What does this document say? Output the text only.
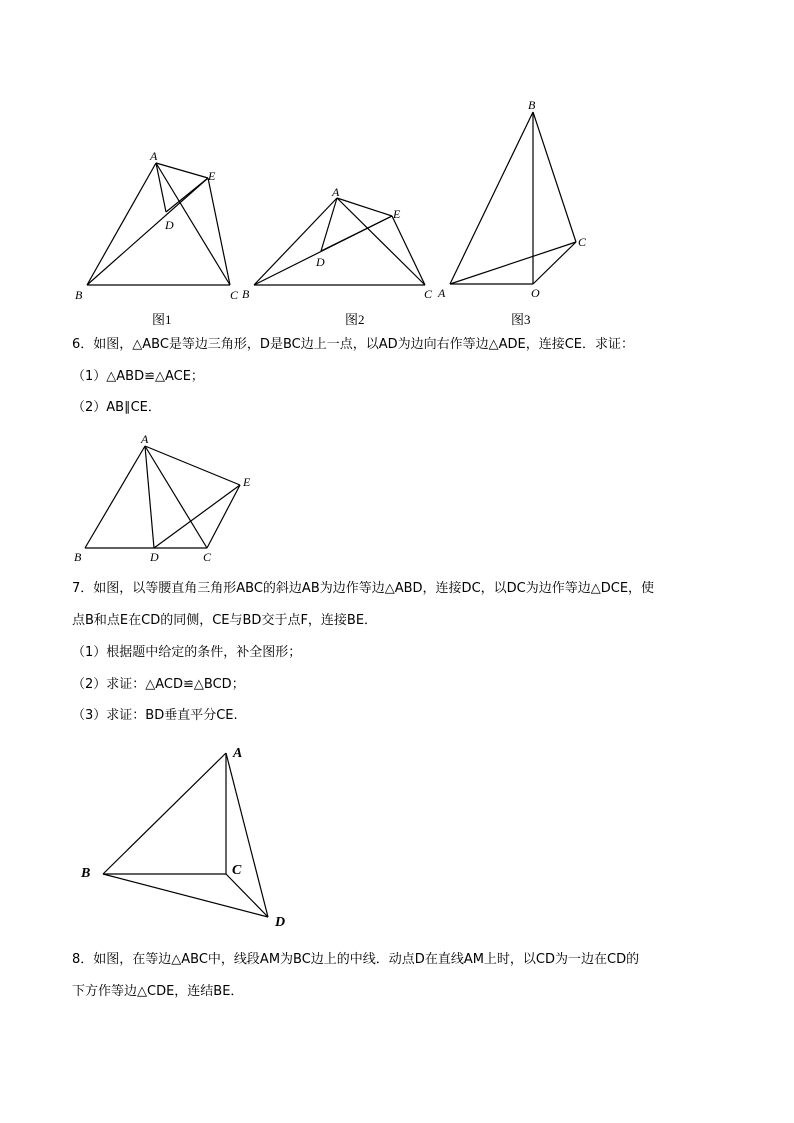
A
E
D
B	C
图1
A
E
D
B	C
图2
B
C
A	O
图3
6．如图，△ABC是等边三角形，D是BC边上一点，以AD为边向右作等边△ADE，连接CE．求证：
（1）△ABD≌△ACE；
（2）AB∥CE．
A
E
B	D	C
7．如图，以等腰直角三角形ABC的斜边AB为边作等边△ABD，连接DC，以DC为边作等边△DCE，使
点B和点E在CD的同侧，CE与BD交于点F，连接BE．
（1）根据题中给定的条件，补全图形；
（2）求证：△ACD≌△BCD；
（3）求证：BD垂直平分CE.
A
B	C
D
8．如图，在等边△ABC中，线段AM为BC边上的中线．动点D在直线AM上时，以CD为一边在CD的
下方作等边△CDE，连结BE．
